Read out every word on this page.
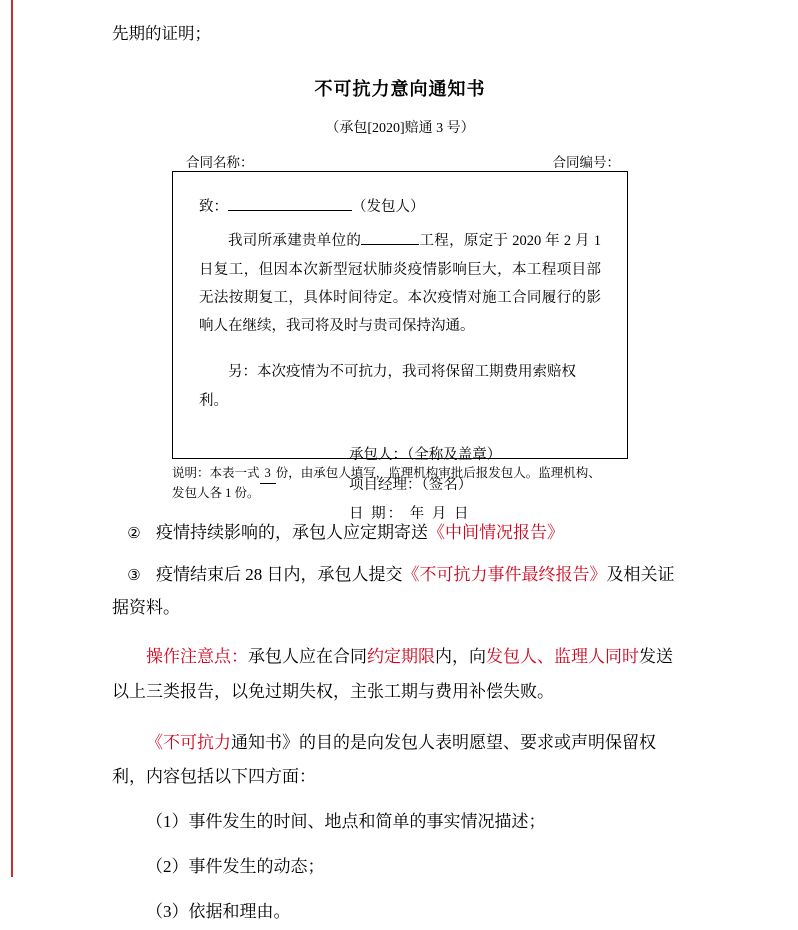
先期的证明；
不可抗力意向通知书
（承包[2020]赔通 3 号）
合同名称：	合同编号：
致：	（发包人）
我司所承建贵单位的	工程，原定于 2020 年 2 月 1 日复工，但因本次新型冠状肺炎疫情影响巨大，本工程项目部无法按期复工，具体时间待定。本次疫情对施工合同履行的影响人在继续，我司将及时与贵司保持沟通。
另：本次疫情为不可抗力，我司将保留工期费用索赔权利。
承包人：（全称及盖章）
项目经理：（签名）
日 期： 年 月 日
说明：本表一式 3 份，由承包人填写，监理机构审批后报发包人。监理机构、
发包人各 1 份。
② 疫情持续影响的，承包人应定期寄送《中间情况报告》
③ 疫情结束后 28 日内，承包人提交《不可抗力事件最终报告》及相关证据资料。
操作注意点：承包人应在合同约定期限内，向发包人、监理人同时发送以上三类报告，以免过期失权，主张工期与费用补偿失败。
《不可抗力通知书》的目的是向发包人表明愿望、要求或声明保留权利，内容包括以下四方面：
（1）事件发生的时间、地点和简单的事实情况描述；
（2）事件发生的动态；
（3）依据和理由。
